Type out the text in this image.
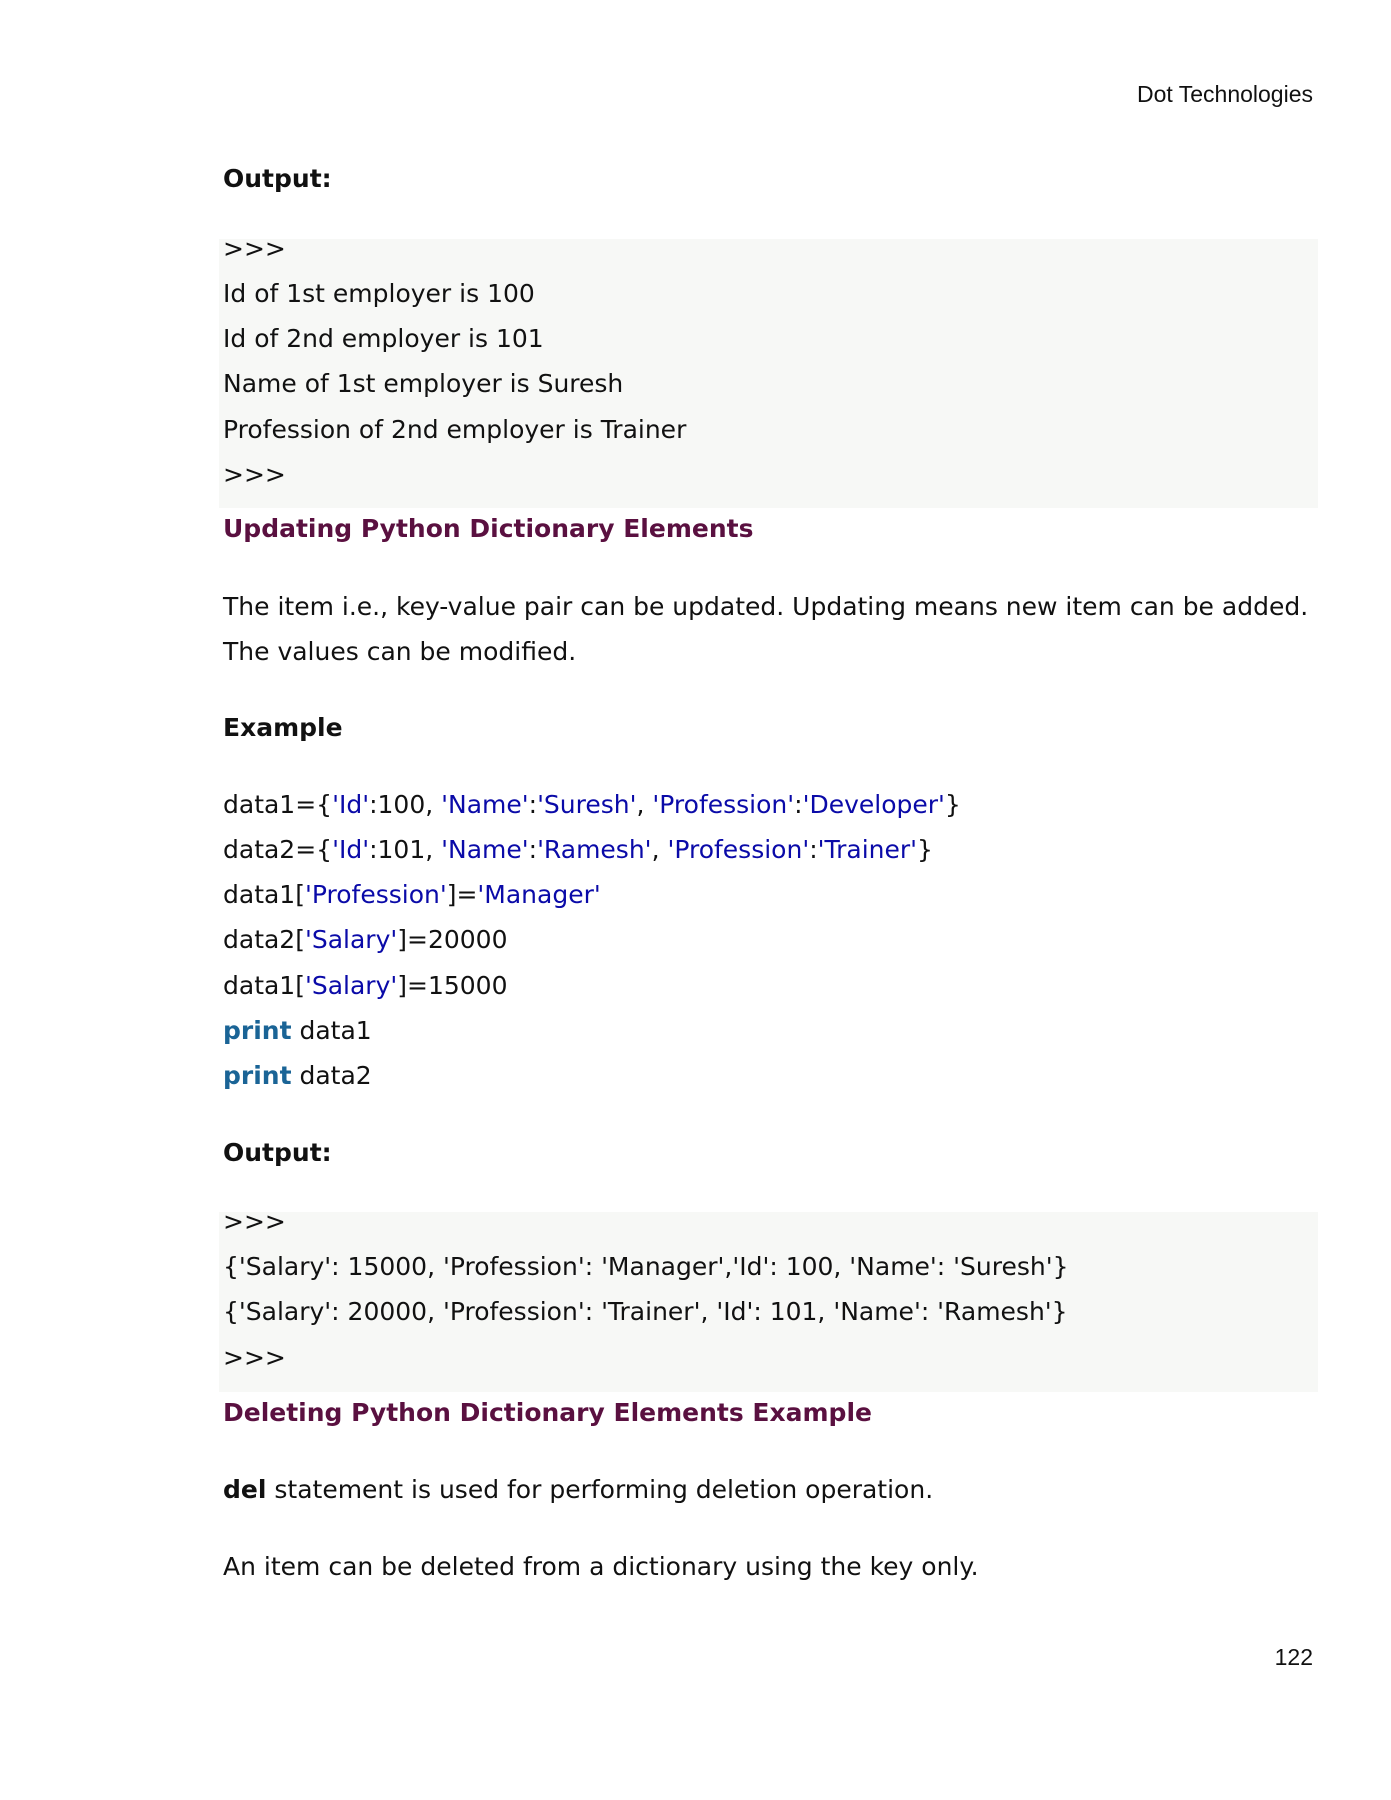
Dot Technologies
Output:
>>>
Id of 1st employer is 100
Id of 2nd employer is 101
Name of 1st employer is Suresh
Profession of 2nd employer is Trainer
>>>
Updating Python Dictionary Elements
The item i.e., key-value pair can be updated. Updating means new item can be added.
The values can be modified.
Example
data1={'Id':100, 'Name':'Suresh', 'Profession':'Developer'}
data2={'Id':101, 'Name':'Ramesh', 'Profession':'Trainer'}
data1['Profession']='Manager'
data2['Salary']=20000
data1['Salary']=15000
print data1
print data2
Output:
>>>
{'Salary': 15000, 'Profession': 'Manager','Id': 100, 'Name': 'Suresh'}
{'Salary': 20000, 'Profession': 'Trainer', 'Id': 101, 'Name': 'Ramesh'}
>>>
Deleting Python Dictionary Elements Example
del statement is used for performing deletion operation.
An item can be deleted from a dictionary using the key only.
122
